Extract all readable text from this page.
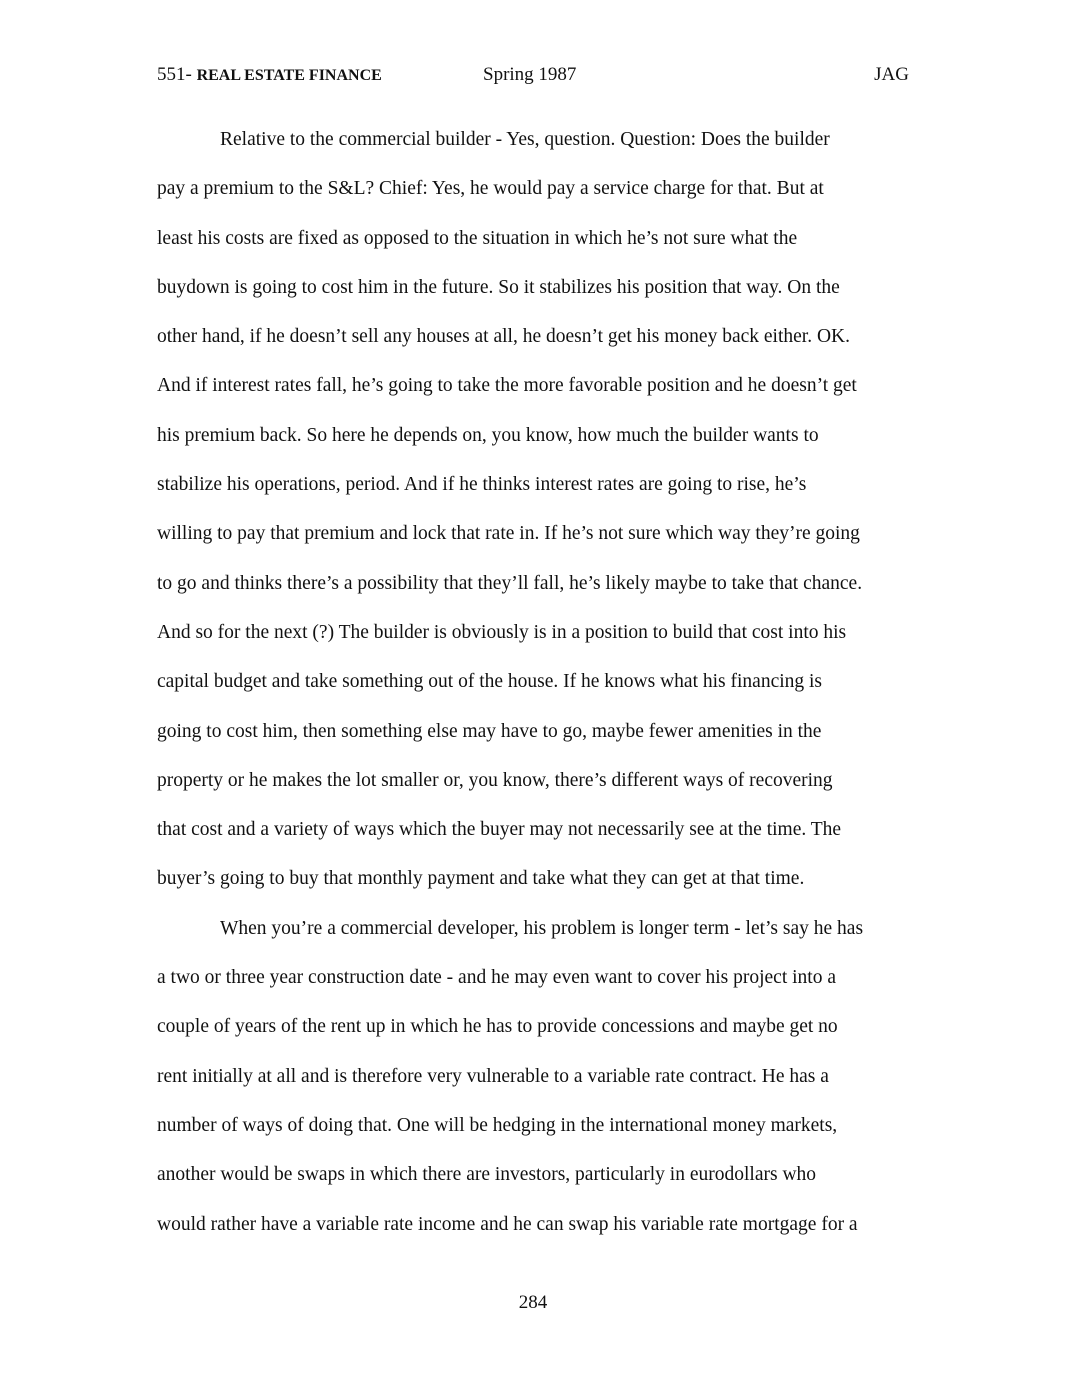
551- REAL ESTATE FINANCE	Spring 1987	JAG
Relative to the commercial builder - Yes, question. Question: Does the builder
pay a premium to the S&L? Chief: Yes, he would pay a service charge for that. But at
least his costs are fixed as opposed to the situation in which he’s not sure what the
buydown is going to cost him in the future. So it stabilizes his position that way. On the
other hand, if he doesn’t sell any houses at all, he doesn’t get his money back either. OK.
And if interest rates fall, he’s going to take the more favorable position and he doesn’t get
his premium back. So here he depends on, you know, how much the builder wants to
stabilize his operations, period. And if he thinks interest rates are going to rise, he’s
willing to pay that premium and lock that rate in. If he’s not sure which way they’re going
to go and thinks there’s a possibility that they’ll fall, he’s likely maybe to take that chance.
And so for the next (?) The builder is obviously is in a position to build that cost into his
capital budget and take something out of the house. If he knows what his financing is
going to cost him, then something else may have to go, maybe fewer amenities in the
property or he makes the lot smaller or, you know, there’s different ways of recovering
that cost and a variety of ways which the buyer may not necessarily see at the time. The
buyer’s going to buy that monthly payment and take what they can get at that time.
When you’re a commercial developer, his problem is longer term - let’s say he has
a two or three year construction date - and he may even want to cover his project into a
couple of years of the rent up in which he has to provide concessions and maybe get no
rent initially at all and is therefore very vulnerable to a variable rate contract. He has a
number of ways of doing that. One will be hedging in the international money markets,
another would be swaps in which there are investors, particularly in eurodollars who
would rather have a variable rate income and he can swap his variable rate mortgage for a
284
